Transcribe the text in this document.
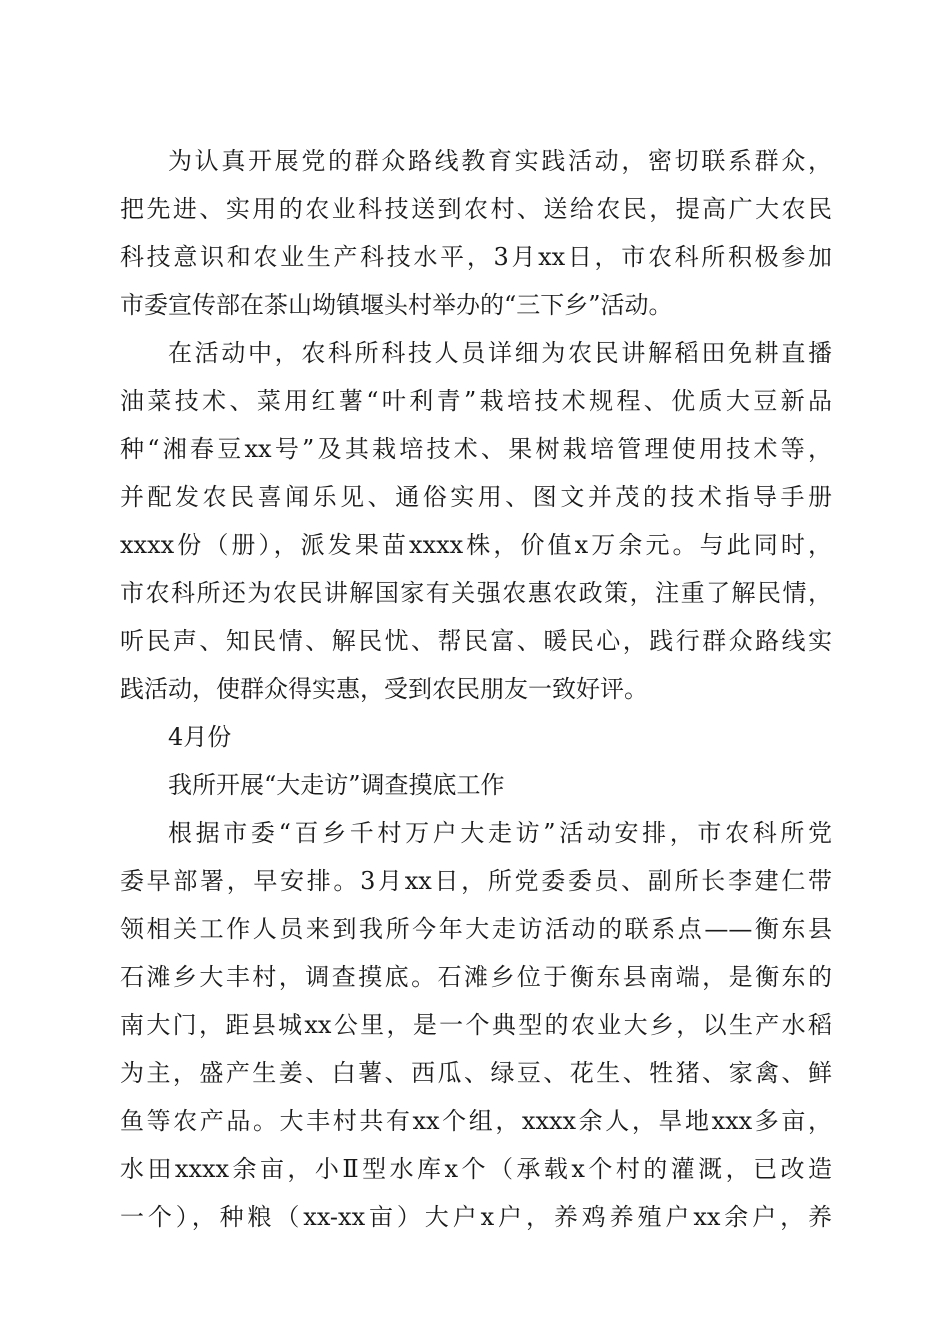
为认真开展党的群众路线教育实践活动，密切联系群众，
把先进、实用的农业科技送到农村、送给农民，提高广大农民
科技意识和农业生产科技水平，3月xx日，市农科所积极参加
市委宣传部在茶山坳镇堰头村举办的“三下乡”活动。
在活动中，农科所科技人员详细为农民讲解稻田免耕直播
油菜技术、菜用红薯“叶利青”栽培技术规程、优质大豆新品
种“湘春豆xx号”及其栽培技术、果树栽培管理使用技术等，
并配发农民喜闻乐见、通俗实用、图文并茂的技术指导手册
xxxx份（册），派发果苗xxxx株，价值x万余元。与此同时，
市农科所还为农民讲解国家有关强农惠农政策，注重了解民情，
听民声、知民情、解民忧、帮民富、暖民心，践行群众路线实
践活动，使群众得实惠，受到农民朋友一致好评。
4月份
我所开展“大走访”调查摸底工作
根据市委“百乡千村万户大走访”活动安排，市农科所党
委早部署，早安排。3月xx日，所党委委员、副所长李建仁带
领相关工作人员来到我所今年大走访活动的联系点——衡东县
石滩乡大丰村，调查摸底。石滩乡位于衡东县南端，是衡东的
南大门，距县城xx公里，是一个典型的农业大乡，以生产水稻
为主，盛产生姜、白薯、西瓜、绿豆、花生、牲猪、家禽、鲜
鱼等农产品。大丰村共有xx个组，xxxx余人，旱地xxx多亩，
水田xxxx余亩，小Ⅱ型水库x个（承载x个村的灌溉，已改造
一个），种粮（xx-xx亩）大户x户，养鸡养殖户xx余户，养
